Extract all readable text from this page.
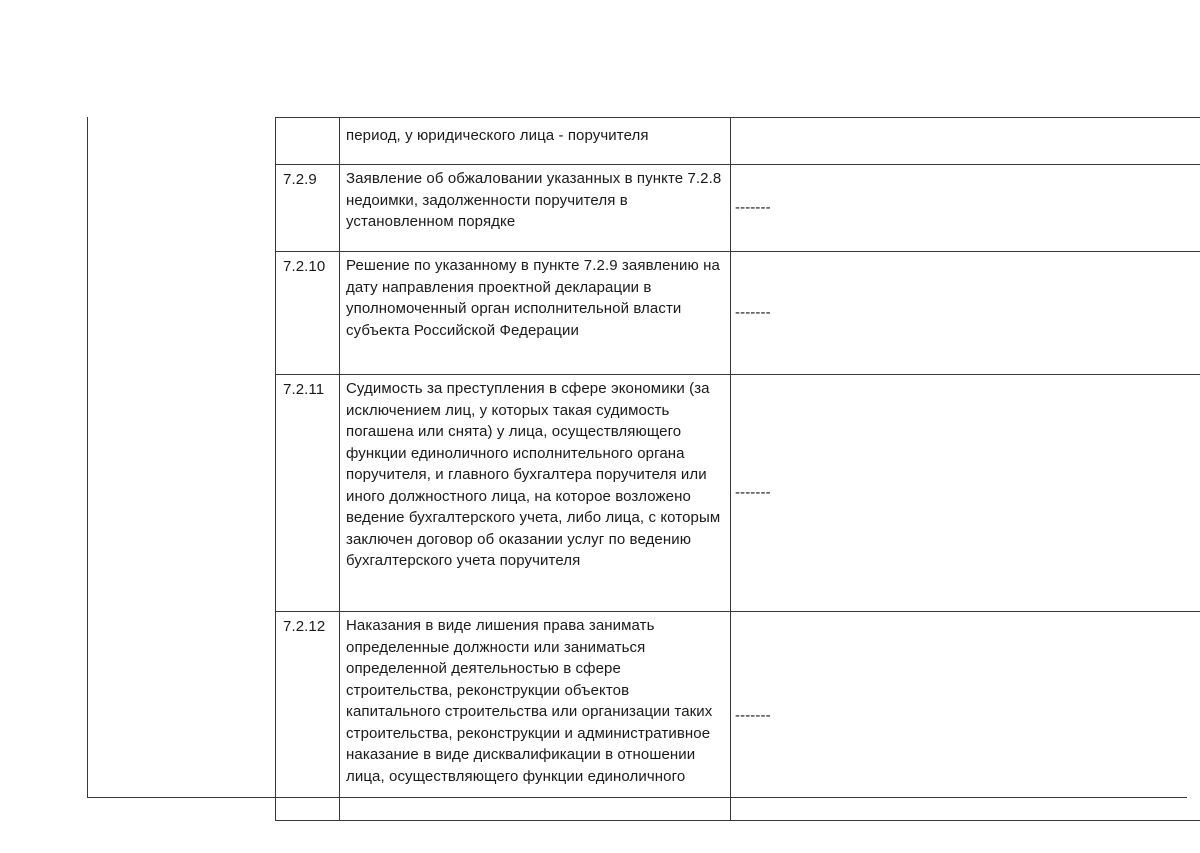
	период, у юридического лица - поручителя	
7.2.9	Заявление об обжаловании указанных в пункте 7.2.8 недоимки, задолженности поручителя в установленном порядке	-------
7.2.10	Решение по указанному в пункте 7.2.9 заявлению на дату направления проектной декларации в уполномоченный орган исполнительной власти субъекта Российской Федерации	-------
7.2.11	Судимость за преступления в сфере экономики (за исключением лиц, у которых такая судимость погашена или снята) у лица, осуществляющего функции единоличного исполнительного органа поручителя, и главного бухгалтера поручителя или иного должностного лица, на которое возложено ведение бухгалтерского учета, либо лица, с которым заключен договор об оказании услуг по ведению бухгалтерского учета поручителя	-------
7.2.12	Наказания в виде лишения права занимать определенные должности или заниматься определенной деятельностью в сфере строительства, реконструкции объектов капитального строительства или организации таких строительства, реконструкции и административное наказание в виде дисквалификации в отношении лица, осуществляющего функции единоличного	-------
